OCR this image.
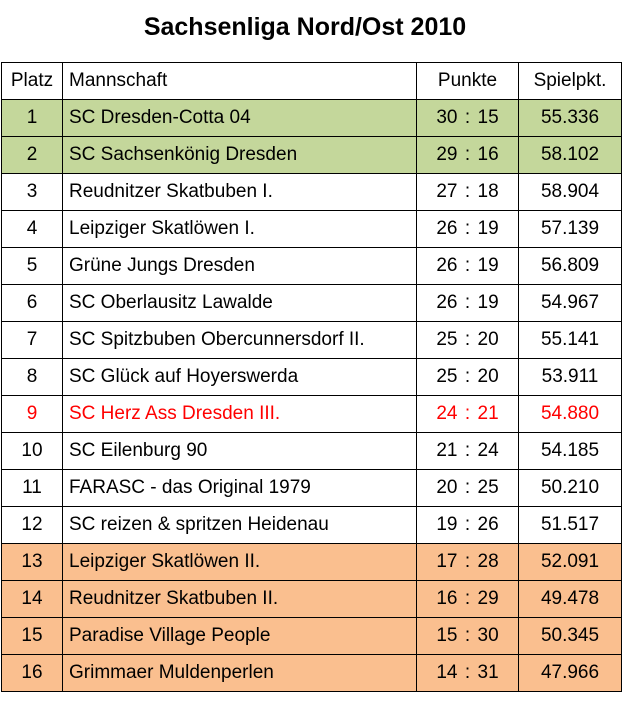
Sachsenliga Nord/Ost 2010
Platz	Mannschaft	Punkte	Spielpkt.
1	SC Dresden-Cotta 04	30 : 15	55.336
2	SC Sachsenkönig Dresden	29 : 16	58.102
3	Reudnitzer Skatbuben I.	27 : 18	58.904
4	Leipziger Skatlöwen I.	26 : 19	57.139
5	Grüne Jungs Dresden	26 : 19	56.809
6	SC Oberlausitz Lawalde	26 : 19	54.967
7	SC Spitzbuben Obercunnersdorf II.	25 : 20	55.141
8	SC Glück auf Hoyerswerda	25 : 20	53.911
9	SC Herz Ass Dresden III.	24 : 21	54.880
10	SC Eilenburg 90	21 : 24	54.185
11	FARASC - das Original 1979	20 : 25	50.210
12	SC reizen & spritzen Heidenau	19 : 26	51.517
13	Leipziger Skatlöwen II.	17 : 28	52.091
14	Reudnitzer Skatbuben II.	16 : 29	49.478
15	Paradise Village People	15 : 30	50.345
16	Grimmaer Muldenperlen	14 : 31	47.966
